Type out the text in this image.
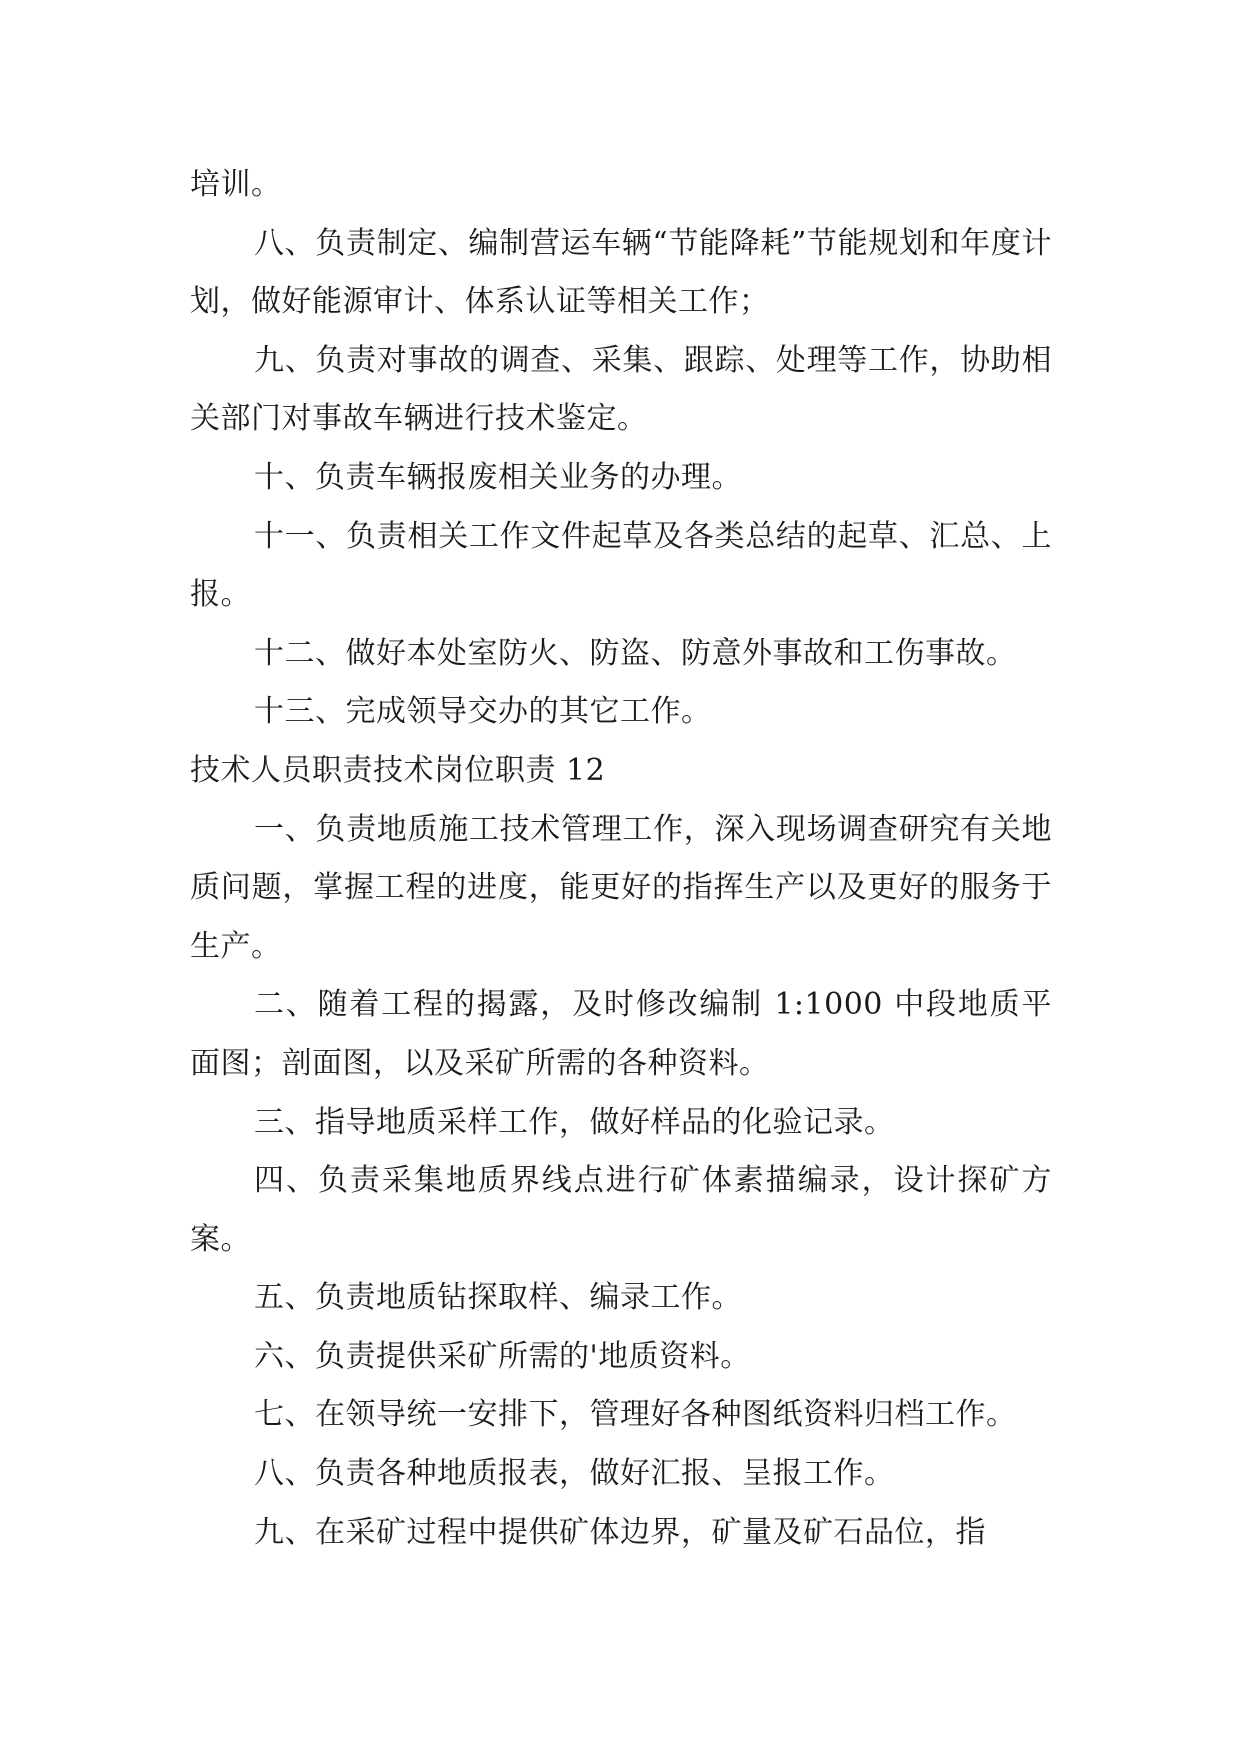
培训。

八、负责制定、编制营运车辆“节能降耗”节能规划和年度计划，做好能源审计、体系认证等相关工作；

九、负责对事故的调查、采集、跟踪、处理等工作，协助相关部门对事故车辆进行技术鉴定。

十、负责车辆报废相关业务的办理。

十一、负责相关工作文件起草及各类总结的起草、汇总、上报。

十二、做好本处室防火、防盗、防意外事故和工伤事故。

十三、完成领导交办的其它工作。

技术人员职责技术岗位职责 12

一、负责地质施工技术管理工作，深入现场调查研究有关地质问题，掌握工程的进度，能更好的指挥生产以及更好的服务于生产。

二、随着工程的揭露，及时修改编制 1:1000 中段地质平面图；剖面图，以及采矿所需的各种资料。

三、指导地质采样工作，做好样品的化验记录。

四、负责采集地质界线点进行矿体素描编录，设计探矿方案。

五、负责地质钻探取样、编录工作。

六、负责提供采矿所需的'地质资料。

七、在领导统一安排下，管理好各种图纸资料归档工作。

八、负责各种地质报表，做好汇报、呈报工作。

九、在采矿过程中提供矿体边界，矿量及矿石品位，指
